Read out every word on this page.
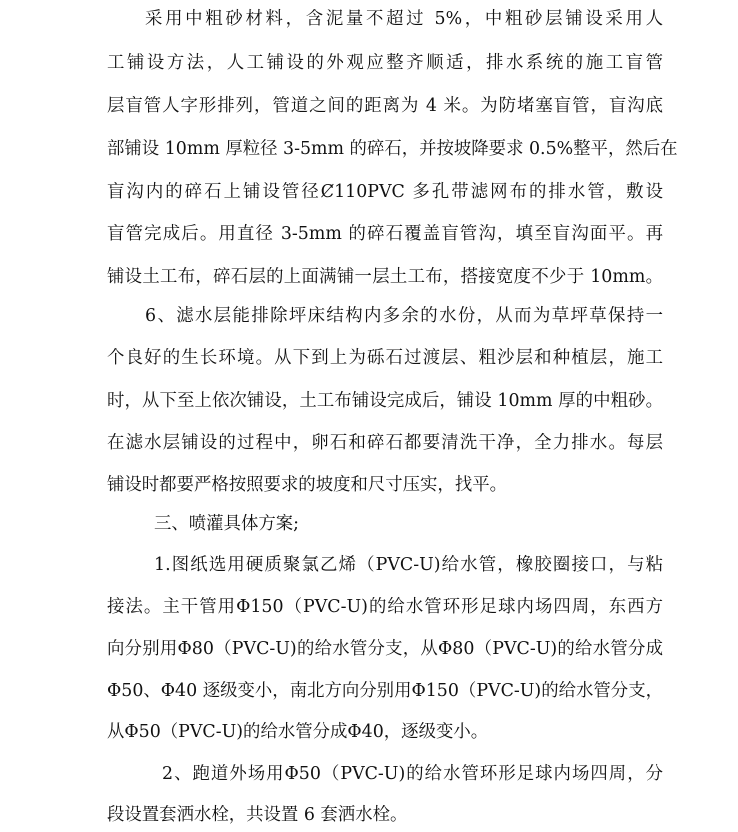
采用中粗砂材料，含泥量不超过 5%，中粗砂层铺设采用人
工铺设方法，人工铺设的外观应整齐顺适，排水系统的施工盲管
层盲管人字形排列，管道之间的距离为 4 米。为防堵塞盲管，盲沟底
部铺设 10mm 厚粒径 3-5mm 的碎石，并按坡降要求 0.5%整平，然后在
盲沟内的碎石上铺设管径Ȼ110PVC 多孔带滤网布的排水管，敷设
盲管完成后。用直径 3-5mm 的碎石覆盖盲管沟，填至盲沟面平。再
铺设土工布，碎石层的上面满铺一层土工布，搭接宽度不少于 10mm。
6、滤水层能排除坪床结构内多余的水份，从而为草坪草保持一
个良好的生长环境。从下到上为砾石过渡层、粗沙层和种植层，施工
时，从下至上依次铺设，土工布铺设完成后，铺设 10mm 厚的中粗砂。
在滤水层铺设的过程中，卵石和碎石都要清洗干净，全力排水。每层
铺设时都要严格按照要求的坡度和尺寸压实，找平。
三、喷灌具体方案;
1.图纸选用硬质聚氯乙烯（PVC-U)给水管，橡胶圈接口，与粘
接法。主干管用Φ150（PVC-U)的给水管环形足球内场四周，东西方
向分别用Φ80（PVC-U)的给水管分支，从Φ80（PVC-U)的给水管分成
Φ50、Φ40 逐级变小，南北方向分别用Φ150（PVC-U)的给水管分支，
从Φ50（PVC-U)的给水管分成Φ40，逐级变小。
2、跑道外场用Φ50（PVC-U)的给水管环形足球内场四周，分
段设置套洒水栓，共设置 6 套洒水栓。
